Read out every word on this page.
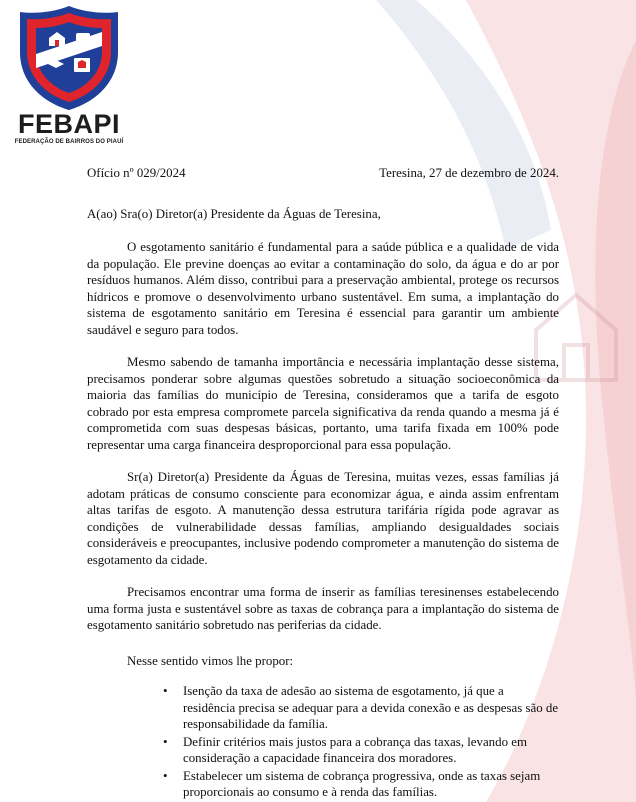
FEBAPI
FEDERAÇÃO DE BAIRROS DO PIAUÍ
Ofício nº 029/2024	Teresina, 27 de dezembro de 2024.
A(ao) Sra(o) Diretor(a) Presidente da Águas de Teresina,

O esgotamento sanitário é fundamental para a saúde pública e a qualidade de vida da população. Ele previne doenças ao evitar a contaminação do solo, da água e do ar por resíduos humanos. Além disso, contribui para a preservação ambiental, protege os recursos hídricos e promove o desenvolvimento urbano sustentável. Em suma, a implantação do sistema de esgotamento sanitário em Teresina é essencial para garantir um ambiente saudável e seguro para todos.

Mesmo sabendo de tamanha importância e necessária implantação desse sistema, precisamos ponderar sobre algumas questões sobretudo a situação socioeconômica da maioria das famílias do município de Teresina, consideramos que a tarifa de esgoto cobrado por esta empresa compromete parcela significativa da renda quando a mesma já é comprometida com suas despesas básicas, portanto, uma tarifa fixada em 100% pode representar uma carga financeira desproporcional para essa população.

Sr(a) Diretor(a) Presidente da Águas de Teresina, muitas vezes, essas famílias já adotam práticas de consumo consciente para economizar água, e ainda assim enfrentam altas tarifas de esgoto. A manutenção dessa estrutura tarifária rígida pode agravar as condições de vulnerabilidade dessas famílias, ampliando desigualdades sociais consideráveis e preocupantes, inclusive podendo comprometer a manutenção do sistema de esgotamento da cidade.

Precisamos encontrar uma forma de inserir as famílias teresinenses estabelecendo uma forma justa e sustentável sobre as taxas de cobrança para a implantação do sistema de esgotamento sanitário sobretudo nas periferias da cidade.

Nesse sentido vimos lhe propor:
• Isenção da taxa de adesão ao sistema de esgotamento, já que a residência precisa se adequar para a devida conexão e as despesas são de responsabilidade da família.
• Definir critérios mais justos para a cobrança das taxas, levando em consideração a capacidade financeira dos moradores.
• Estabelecer um sistema de cobrança progressiva, onde as taxas sejam proporcionais ao consumo e à renda das famílias.
